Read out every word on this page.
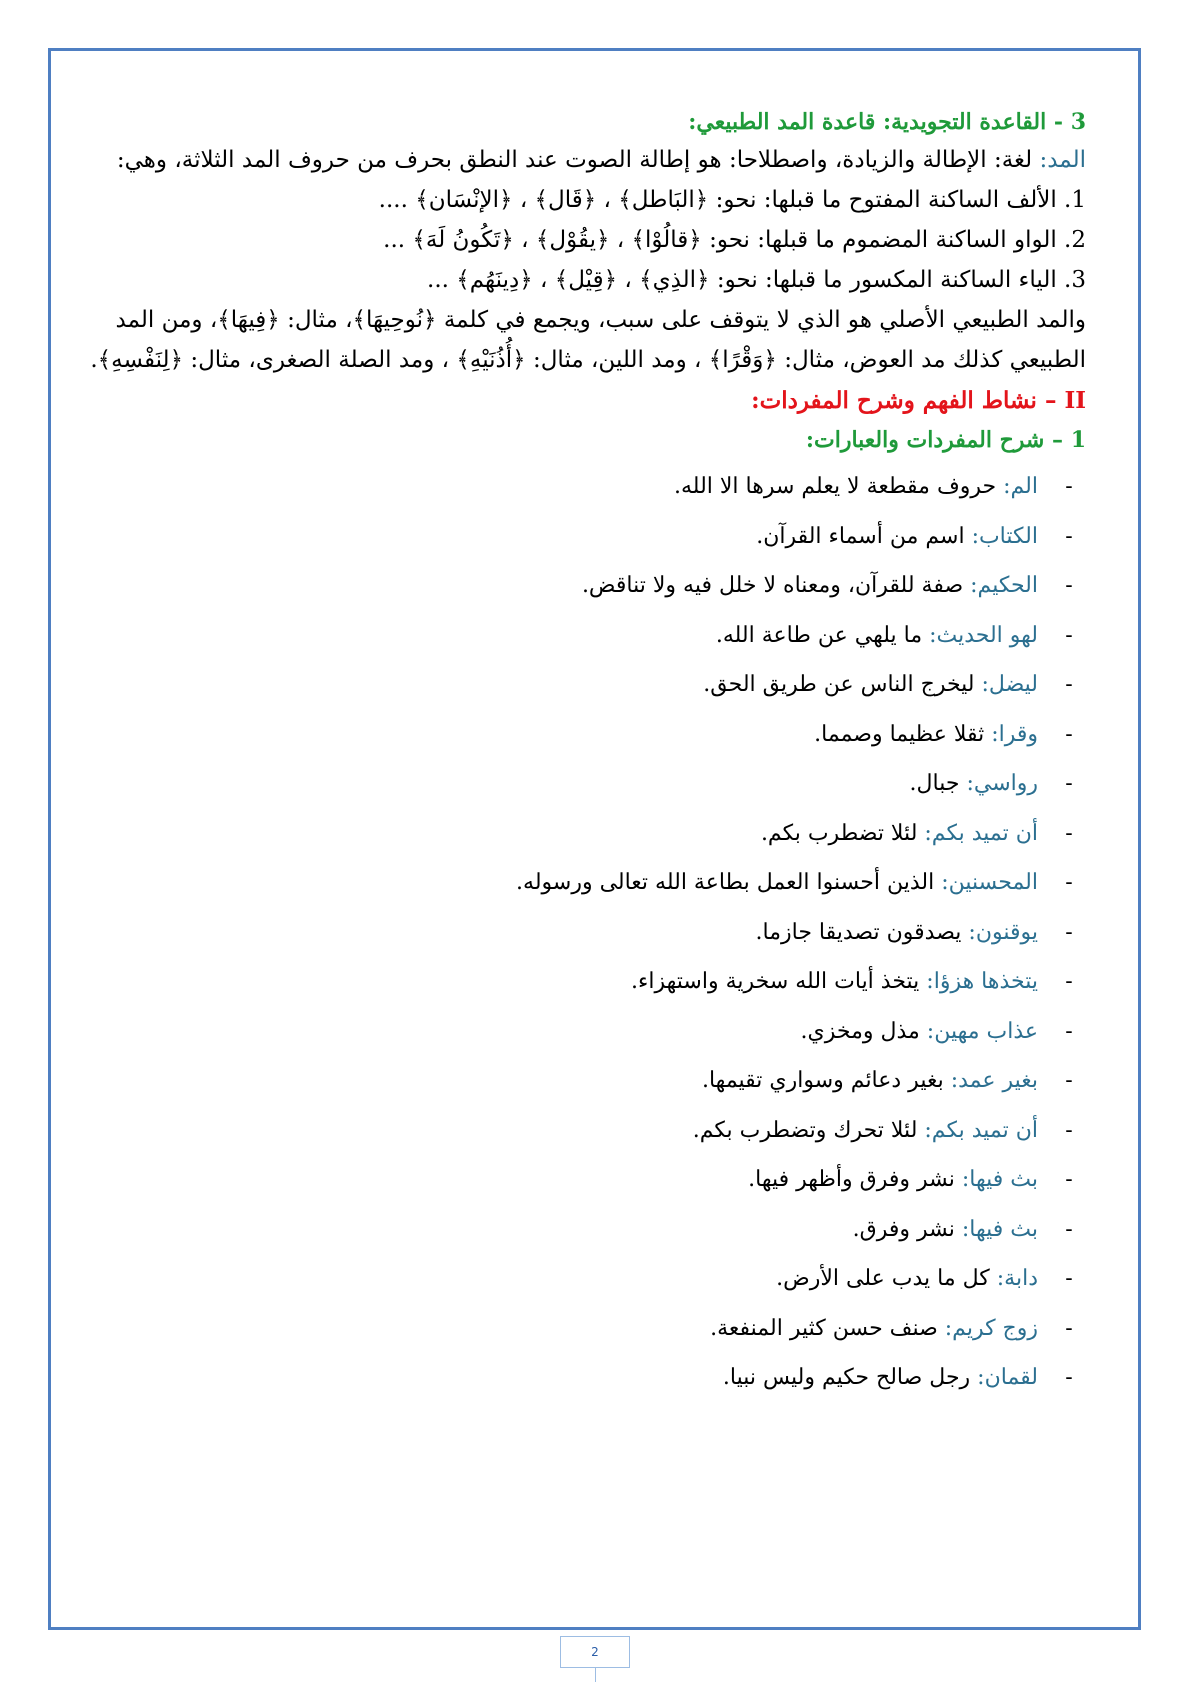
3 - القاعدة التجويدية: قاعدة المد الطبيعي:
المد: لغة: الإطالة والزيادة، واصطلاحا: هو إطالة الصوت عند النطق بحرف من حروف المد الثلاثة، وهي:
1. الألف الساكنة المفتوح ما قبلها: نحو: ﴿البَاطل﴾ ، ﴿قَال﴾ ، ﴿الإنْسَان﴾ ....
2. الواو الساكنة المضموم ما قبلها: نحو: ﴿قالُوْا﴾ ، ﴿يقُوْل﴾ ، ﴿تَكُونُ لَهَ﴾ ...
3. الياء الساكنة المكسور ما قبلها: نحو: ﴿الذِي﴾ ، ﴿قِيْل﴾ ، ﴿دِينَهُم﴾ ...
والمد الطبيعي الأصلي هو الذي لا يتوقف على سبب، ويجمع في كلمة ﴿نُوحِيهَا﴾، مثال: ﴿فِيهَا﴾، ومن المد
الطبيعي كذلك مد العوض، مثال: ﴿وَقْرًا﴾ ، ومد اللين، مثال: ﴿أُذُنَيْهِ﴾ ، ومد الصلة الصغرى، مثال: ﴿لِنَفْسِهِ﴾.
II – نشاط الفهم وشرح المفردات:
1 – شرح المفردات والعبارات:
-الم: حروف مقطعة لا يعلم سرها الا الله.
-الكتاب: اسم من أسماء القرآن.
-الحكيم: صفة للقرآن، ومعناه لا خلل فيه ولا تناقض.
-لهو الحديث: ما يلهي عن طاعة الله.
-ليضل: ليخرج الناس عن طريق الحق.
-وقرا: ثقلا عظيما وصمما.
-رواسي: جبال.
-أن تميد بكم: لئلا تضطرب بكم.
-المحسنين: الذين أحسنوا العمل بطاعة الله تعالى ورسوله.
-يوقنون: يصدقون تصديقا جازما.
-يتخذها هزؤا: يتخذ أيات الله سخرية واستهزاء.
-عذاب مهين: مذل ومخزي.
-بغير عمد: بغير دعائم وسواري تقيمها.
-أن تميد بكم: لئلا تحرك وتضطرب بكم.
-بث فيها: نشر وفرق وأظهر فيها.
-بث فيها: نشر وفرق.
-دابة: كل ما يدب على الأرض.
-زوج كريم: صنف حسن كثير المنفعة.
-لقمان: رجل صالح حكيم وليس نبيا.
2
